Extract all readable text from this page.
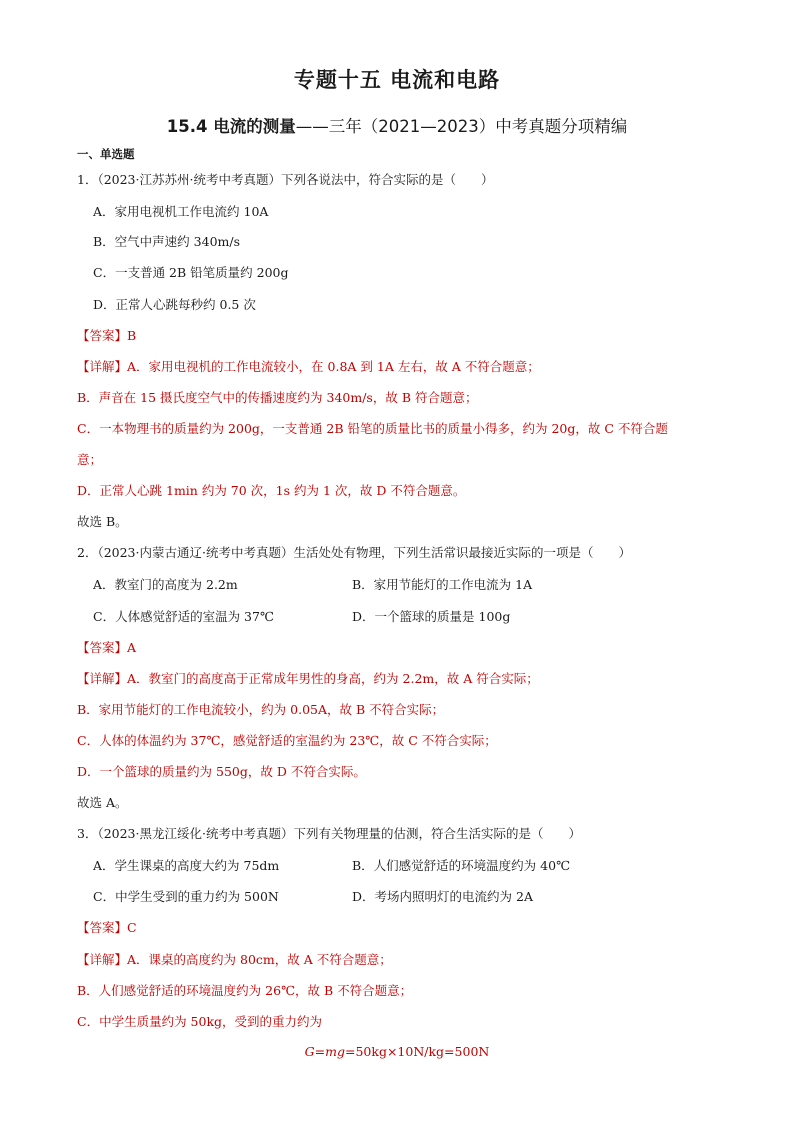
专题十五 电流和电路
15.4 电流的测量——三年（2021—2023）中考真题分项精编
一、单选题
1．（2023·江苏苏州·统考中考真题）下列各说法中，符合实际的是（　　）
A．家用电视机工作电流约 10A
B．空气中声速约 340m/s
C．一支普通 2B 铅笔质量约 200g
D．正常人心跳每秒约 0.5 次
【答案】B
【详解】A．家用电视机的工作电流较小，在 0.8A 到 1A 左右，故 A 不符合题意；
B．声音在 15 摄氏度空气中的传播速度约为 340m/s，故 B 符合题意；
C．一本物理书的质量约为 200g，一支普通 2B 铅笔的质量比书的质量小得多，约为 20g，故 C 不符合题
意；
D．正常人心跳 1min 约为 70 次，1s 约为 1 次，故 D 不符合题意。
故选 B。
2．（2023·内蒙古通辽·统考中考真题）生活处处有物理，下列生活常识最接近实际的一项是（　　）
A．教室门的高度为 2.2m	B．家用节能灯的工作电流为 1A
C．人体感觉舒适的室温为 37℃	D．一个篮球的质量是 100g
【答案】A
【详解】A．教室门的高度高于正常成年男性的身高，约为 2.2m，故 A 符合实际；
B．家用节能灯的工作电流较小，约为 0.05A，故 B 不符合实际；
C．人体的体温约为 37℃，感觉舒适的室温约为 23℃，故 C 不符合实际；
D．一个篮球的质量约为 550g，故 D 不符合实际。
故选 A。
3．（2023·黑龙江绥化·统考中考真题）下列有关物理量的估测，符合生活实际的是（　　）
A．学生课桌的高度大约为 75dm	B．人们感觉舒适的环境温度约为 40℃
C．中学生受到的重力约为 500N	D．考场内照明灯的电流约为 2A
【答案】C
【详解】A．课桌的高度约为 80cm，故 A 不符合题意；
B．人们感觉舒适的环境温度约为 26℃，故 B 不符合题意；
C．中学生质量约为 50kg，受到的重力约为
G=mg=50kg×10N/kg=500N
